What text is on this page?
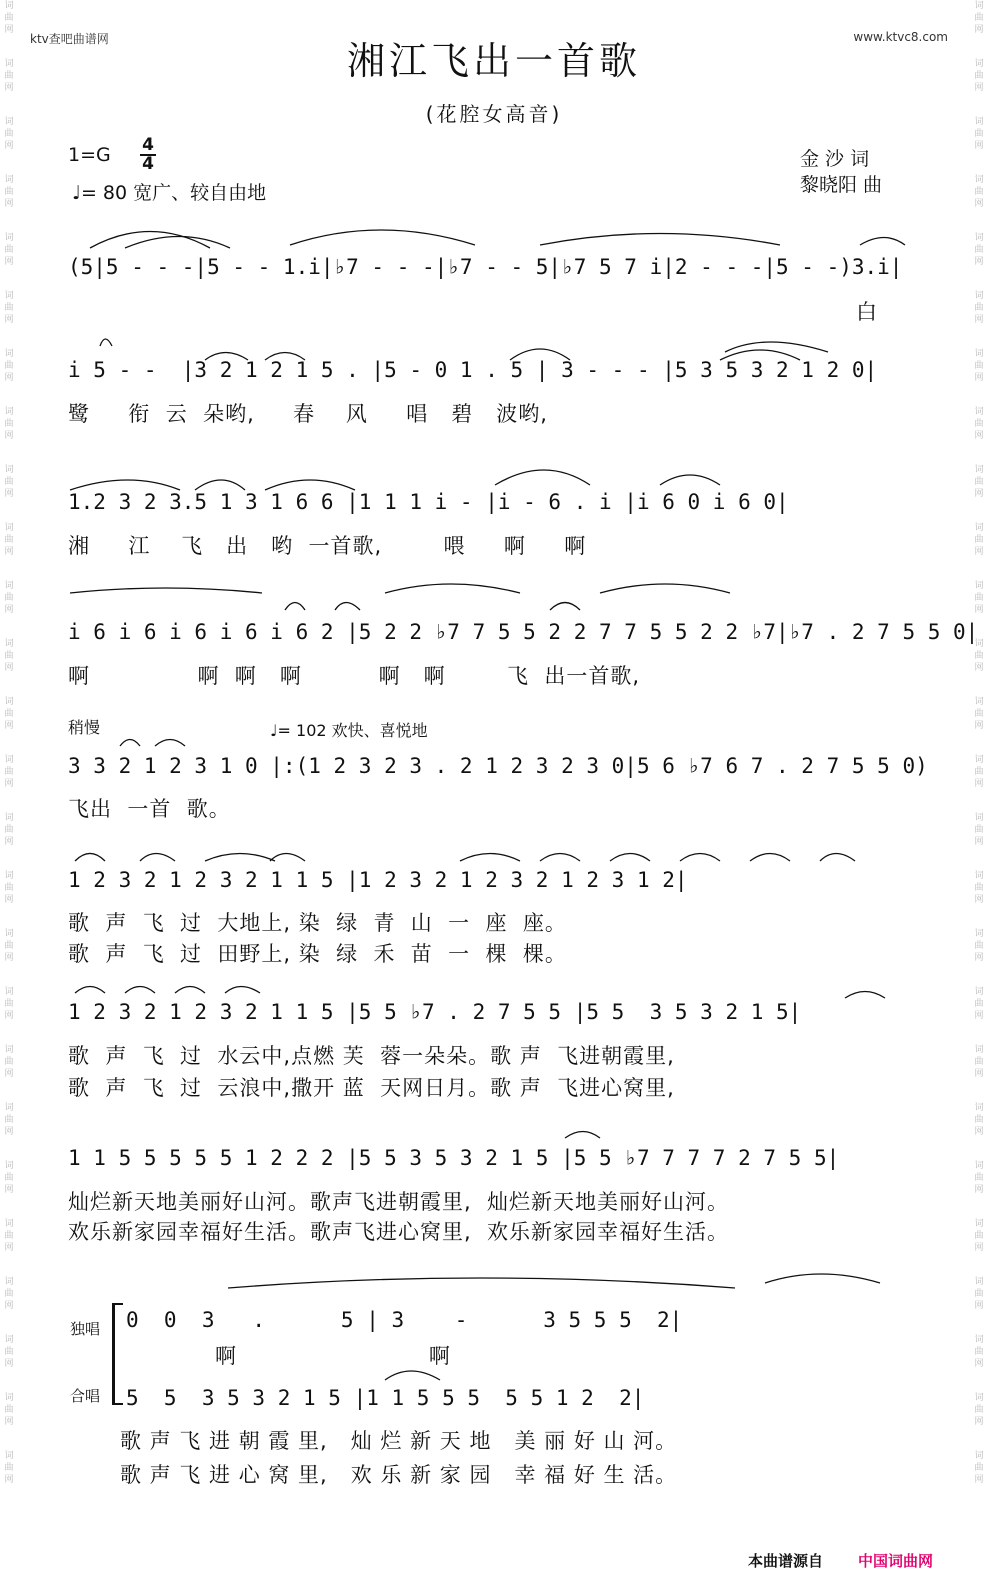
词曲网
词曲网
词曲网
词曲网
词曲网
词曲网
词曲网
词曲网
词曲网
词曲网
词曲网
词曲网
词曲网
词曲网
词曲网
词曲网
词曲网
词曲网
词曲网
词曲网
词曲网
词曲网
词曲网
词曲网
词曲网
词曲网
词曲网
词曲网
词曲网
词曲网
词曲网
词曲网
词曲网
词曲网
词曲网
词曲网
词曲网
词曲网
词曲网
词曲网
词曲网
词曲网
词曲网
词曲网
词曲网
词曲网
词曲网
词曲网
词曲网
词曲网
词曲网
词曲网
ktv查吧曲谱网	www.ktvc8.com
湘江飞出一首歌
(花腔女高音)
1=G 4
4
♩= 80 宽广、较自由地
金 沙 词
黎晓阳 曲
(5|5 - - -|5 - - 1.i|♭7 - - -|♭7 - - 5|♭7 5 7 i|2 - - -|5 - -)3.i|
白
i 5 - -  |3 2 1 2 1 5 . |5 - 0 1 . 5 | 3 - - - |5 3 5 3 2 1 2 0|
鹭     衔  云  朵哟,     春    风     唱   碧   波哟,
1.2 3 2 3.5 1 3 1 6 6 |1 1 1 i - |i - 6 . i |i 6 0 i 6 0|
湘     江    飞   出   哟  一首歌,        喂     啊     啊
i 6 i 6 i 6 i 6 i 6 2 |5 2 2 ♭7 7 5 5 2 2 7 7 5 5 2 2 ♭7|♭7 . 2 7 5 5 0|
啊              啊  啊   啊          啊   啊        飞  出一首歌,
稍慢	♩= 102 欢快、喜悦地
3 3 2 1 2 3 1 0 |:(1 2 3 2 3 . 2 1 2 3 2 3 0|5 6 ♭7 6 7 . 2 7 5 5 0)
飞出  一首  歌。
1 2 3 2 1 2 3 2 1 1 5 |1 2 3 2 1 2 3 2 1 2 3 1 2|
歌  声  飞  过  大地上, 染  绿  青  山  一  座  座。
歌  声  飞  过  田野上, 染  绿  禾  苗  一  棵  棵。
1 2 3 2 1 2 3 2 1 1 5 |5 5 ♭7 . 2 7 5 5 |5 5  3 5 3 2 1 5|
歌  声  飞  过  水云中,点燃 芙  蓉一朵朵。歌 声  飞进朝霞里,
歌  声  飞  过  云浪中,撒开 蓝  天网日月。歌 声  飞进心窝里,
1 1 5 5 5 5 5 1 2 2 2 |5 5 3 5 3 2 1 5 |5 5 ♭7 7 7 7 2 7 5 5|
灿烂新天地美丽好山河。歌声飞进朝霞里,  灿烂新天地美丽好山河。
欢乐新家园幸福好生活。歌声飞进心窝里,  欢乐新家园幸福好生活。
独唱
合唱
0  0  3   .      5 | 3    -      3 5 5 5  2|
啊                         啊
5  5  3 5 3 2 1 5 |1 1 5 5 5  5 5 1 2  2|
歌 声 飞 进 朝 霞 里,   灿 烂 新 天 地   美 丽 好 山 河。
歌 声 飞 进 心 窝 里,   欢 乐 新 家 园   幸 福 好 生 活。
本曲谱源自 中国词曲网
